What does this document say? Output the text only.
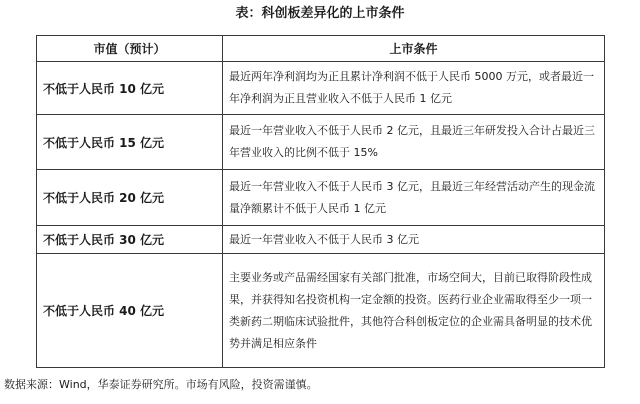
表：科创板差异化的上市条件
市值（预计）	上市条件
不低于人民币 10 亿元	最近两年净利润均为正且累计净利润不低于人民币 5000 万元，或者最近一年净利润为正且营业收入不低于人民币 1 亿元
不低于人民币 15 亿元	最近一年营业收入不低于人民币 2 亿元，且最近三年研发投入合计占最近三年营业收入的比例不低于 15%
不低于人民币 20 亿元	最近一年营业收入不低于人民币 3 亿元，且最近三年经营活动产生的现金流量净额累计不低于人民币 1 亿元
不低于人民币 30 亿元	最近一年营业收入不低于人民币 3 亿元
不低于人民币 40 亿元	主要业务或产品需经国家有关部门批准，市场空间大，目前已取得阶段性成果，并获得知名投资机构一定金额的投资。医药行业企业需取得至少一项一类新药二期临床试验批件，其他符合科创板定位的企业需具备明显的技术优势并满足相应条件
数据来源：Wind，华泰证券研究所。市场有风险，投资需谨慎。
